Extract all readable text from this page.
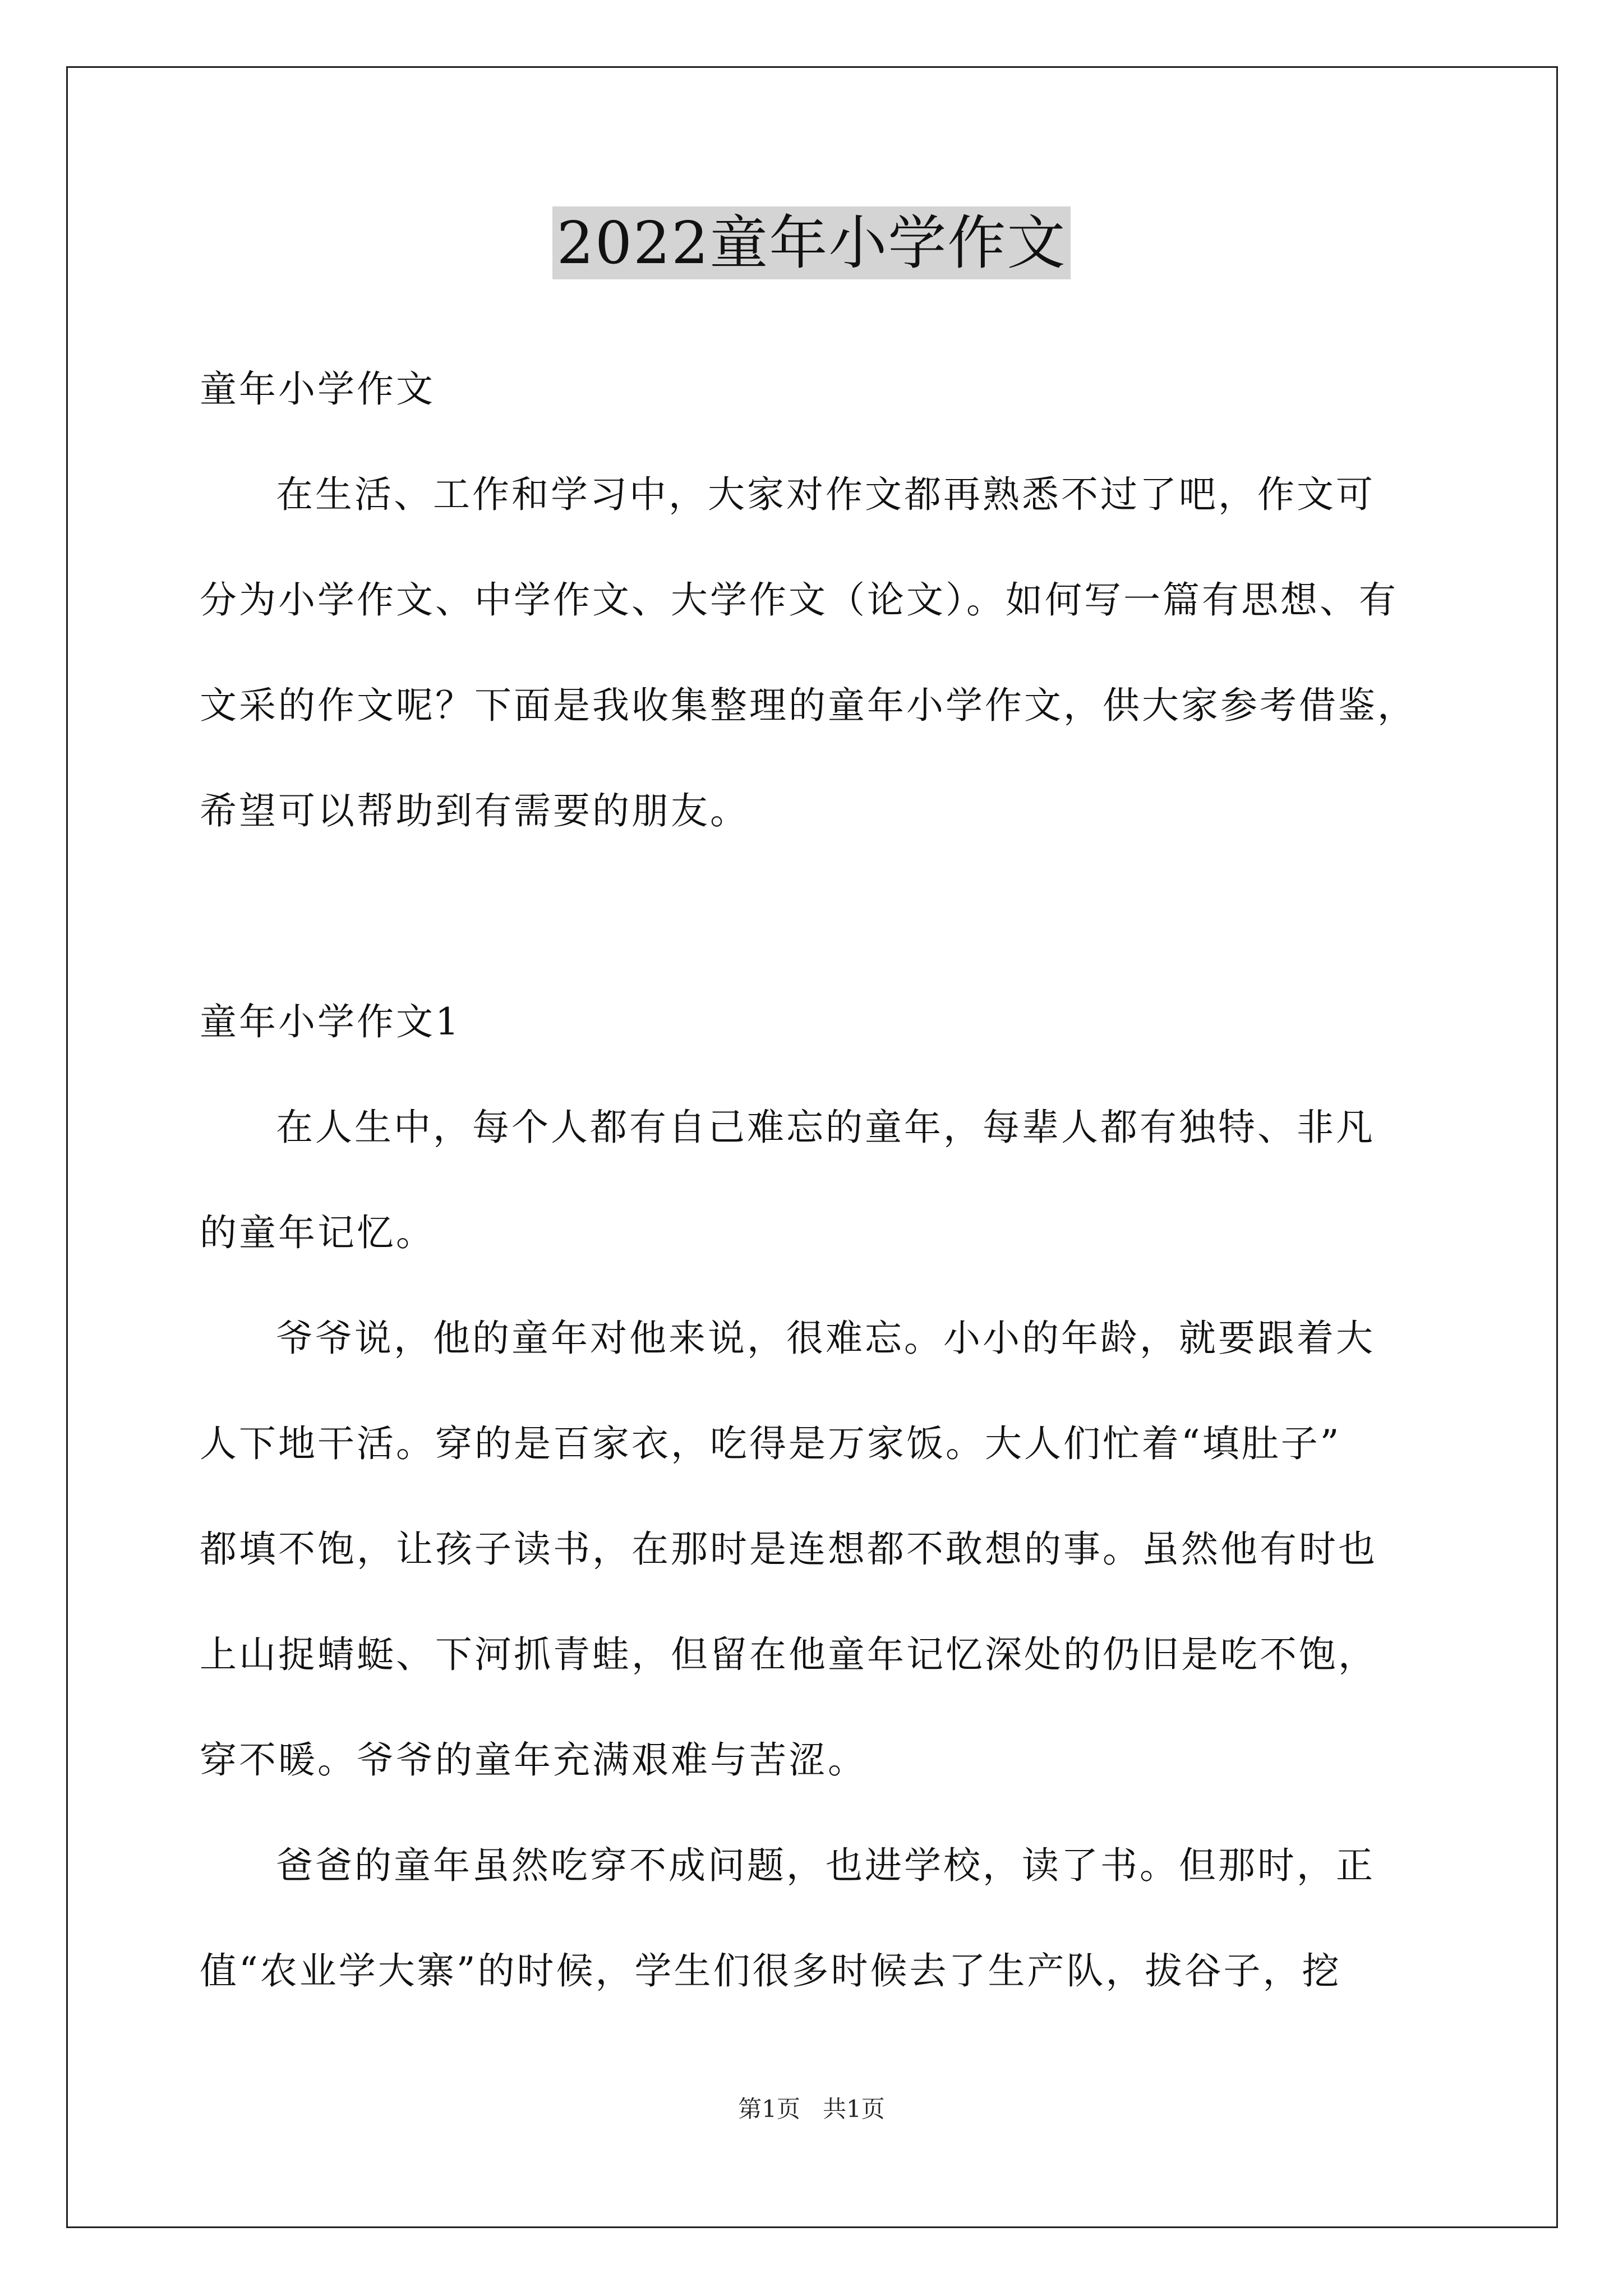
2022童年小学作文
童年小学作文
在生活、工作和学习中，大家对作文都再熟悉不过了吧，作文可
分为小学作文、中学作文、大学作文（论文）。如何写一篇有思想、有
文采的作文呢？下面是我收集整理的童年小学作文，供大家参考借鉴，
希望可以帮助到有需要的朋友。
童年小学作文1
在人生中，每个人都有自己难忘的童年，每辈人都有独特、非凡
的童年记忆。
爷爷说，他的童年对他来说，很难忘。小小的年龄，就要跟着大
人下地干活。穿的是百家衣，吃得是万家饭。大人们忙着“填肚子”
都填不饱，让孩子读书，在那时是连想都不敢想的事。虽然他有时也
上山捉蜻蜓、下河抓青蛙，但留在他童年记忆深处的仍旧是吃不饱，
穿不暖。爷爷的童年充满艰难与苦涩。
爸爸的童年虽然吃穿不成问题，也进学校，读了书。但那时，正
值“农业学大寨”的时候，学生们很多时候去了生产队，拔谷子，挖
第1页   共1页
